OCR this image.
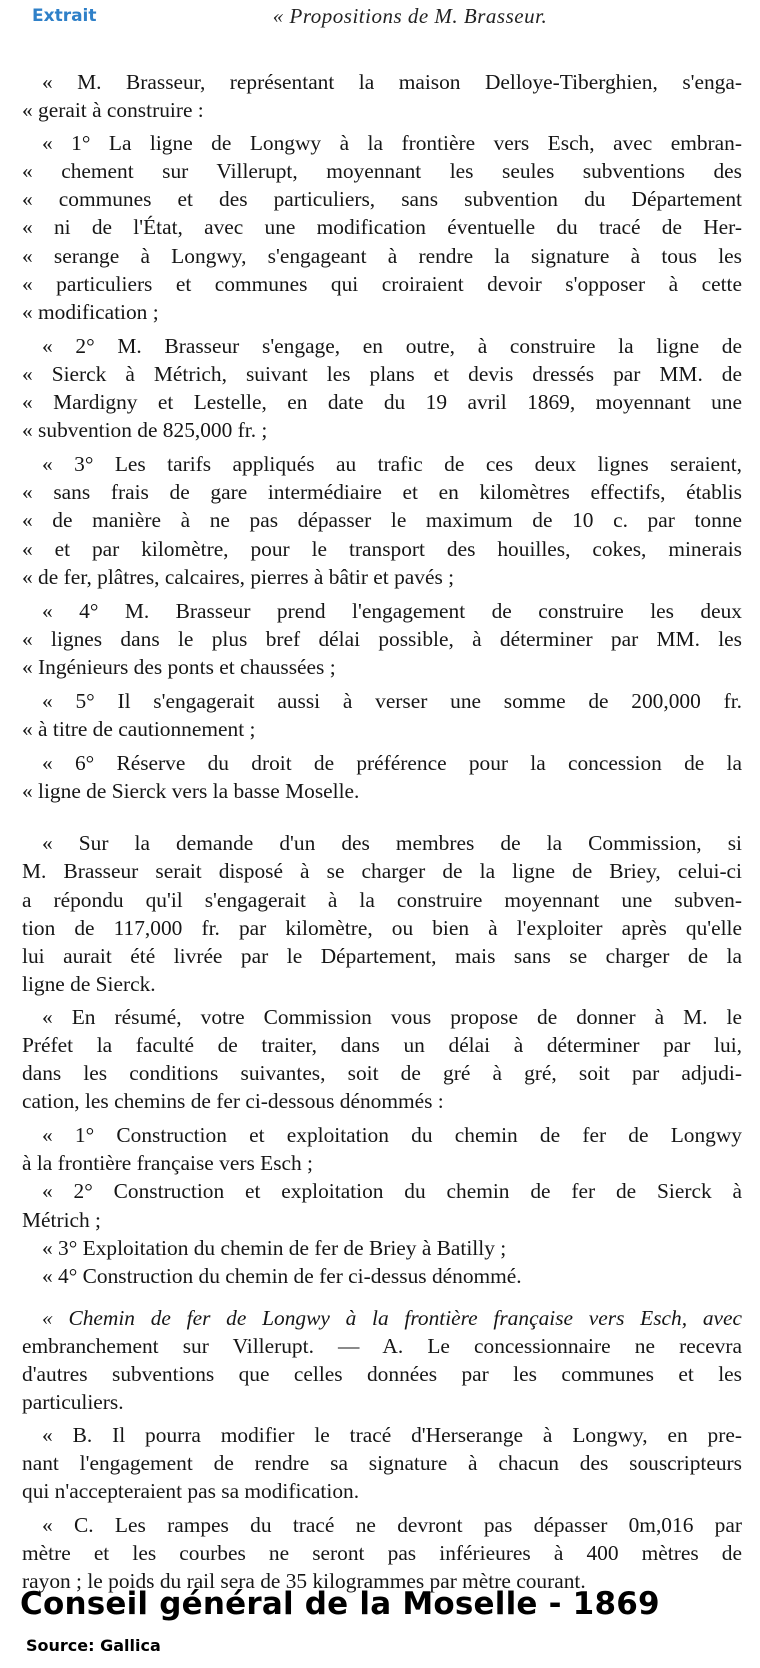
Extrait	« Propositions de M. Brasseur.

« M. Brasseur, représentant la maison Delloye-Tiberghien, s'enga-
« gerait à construire :

« 1° La ligne de Longwy à la frontière vers Esch, avec embran-
« chement sur Villerupt, moyennant les seules subventions des
« communes et des particuliers, sans subvention du Département
« ni de l'État, avec une modification éventuelle du tracé de Her-
« serange à Longwy, s'engageant à rendre la signature à tous les
« particuliers et communes qui croiraient devoir s'opposer à cette
« modification ;

« 2° M. Brasseur s'engage, en outre, à construire la ligne de
« Sierck à Métrich, suivant les plans et devis dressés par MM. de
« Mardigny et Lestelle, en date du 19 avril 1869, moyennant une
« subvention de 825,000 fr. ;

« 3° Les tarifs appliqués au trafic de ces deux lignes seraient,
« sans frais de gare intermédiaire et en kilomètres effectifs, établis
« de manière à ne pas dépasser le maximum de 10 c. par tonne
« et par kilomètre, pour le transport des houilles, cokes, minerais
« de fer, plâtres, calcaires, pierres à bâtir et pavés ;

« 4° M. Brasseur prend l'engagement de construire les deux
« lignes dans le plus bref délai possible, à déterminer par MM. les
« Ingénieurs des ponts et chaussées ;

« 5° Il s'engagerait aussi à verser une somme de 200,000 fr.
« à titre de cautionnement ;

« 6° Réserve du droit de préférence pour la concession de la
« ligne de Sierck vers la basse Moselle.

« Sur la demande d'un des membres de la Commission, si
M. Brasseur serait disposé à se charger de la ligne de Briey, celui-ci
a répondu qu'il s'engagerait à la construire moyennant une subven-
tion de 117,000 fr. par kilomètre, ou bien à l'exploiter après qu'elle
lui aurait été livrée par le Département, mais sans se charger de la
ligne de Sierck.

« En résumé, votre Commission vous propose de donner à M. le
Préfet la faculté de traiter, dans un délai à déterminer par lui,
dans les conditions suivantes, soit de gré à gré, soit par adjudi-
cation, les chemins de fer ci-dessous dénommés :

« 1° Construction et exploitation du chemin de fer de Longwy
à la frontière française vers Esch ;

« 2° Construction et exploitation du chemin de fer de Sierck à
Métrich ;

« 3° Exploitation du chemin de fer de Briey à Batilly ;

« 4° Construction du chemin de fer ci-dessus dénommé.

« Chemin de fer de Longwy à la frontière française vers Esch, avec
embranchement sur Villerupt. — A. Le concessionnaire ne recevra
d'autres subventions que celles données par les communes et les
particuliers.

« B. Il pourra modifier le tracé d'Herserange à Longwy, en pre-
nant l'engagement de rendre sa signature à chacun des souscripteurs
qui n'accepteraient pas sa modification.

« C. Les rampes du tracé ne devront pas dépasser 0m,016 par
mètre et les courbes ne seront pas inférieures à 400 mètres de
rayon ; le poids du rail sera de 35 kilogrammes par mètre courant.

Conseil général de la Moselle - 1869
Source: Gallica
